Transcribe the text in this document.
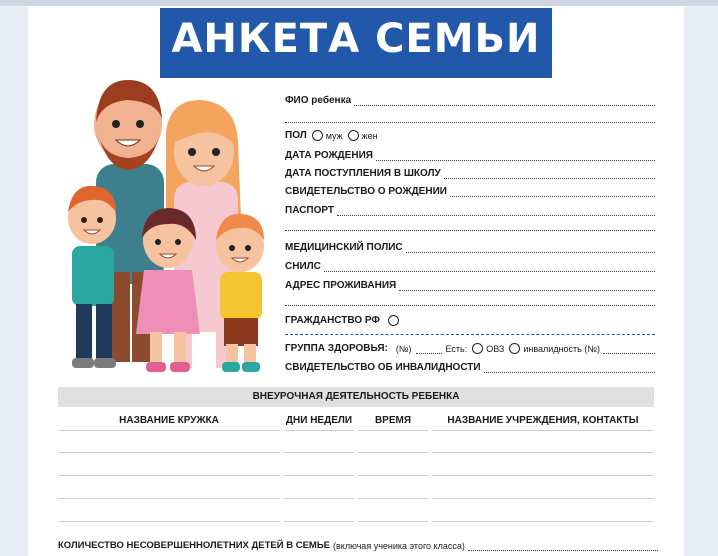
АНКЕТА СЕМЬИ
ФИО ребенка
ПОЛ муж жен
ДАТА РОЖДЕНИЯ
ДАТА ПОСТУПЛЕНИЯ В ШКОЛУ
СВИДЕТЕЛЬСТВО О РОЖДЕНИИ
ПАСПОРТ
МЕДИЦИНСКИЙ ПОЛИС
СНИЛС
АДРЕС ПРОЖИВАНИЯ
ГРАЖДАНСТВО РФ
ГРУППА ЗДОРОВЬЯ: (№)	Есть: ОВЗ инвалидность (№)
СВИДЕТЕЛЬСТВО ОБ ИНВАЛИДНОСТИ
ВНЕУРОЧНАЯ ДЕЯТЕЛЬНОСТЬ РЕБЕНКА
НАЗВАНИЕ КРУЖКА	ДНИ НЕДЕЛИ	ВРЕМЯ	НАЗВАНИЕ УЧРЕЖДЕНИЯ, КОНТАКТЫ
КОЛИЧЕСТВО НЕСОВЕРШЕННОЛЕТНИХ ДЕТЕЙ В СЕМЬЕ (включая ученика этого класса)
